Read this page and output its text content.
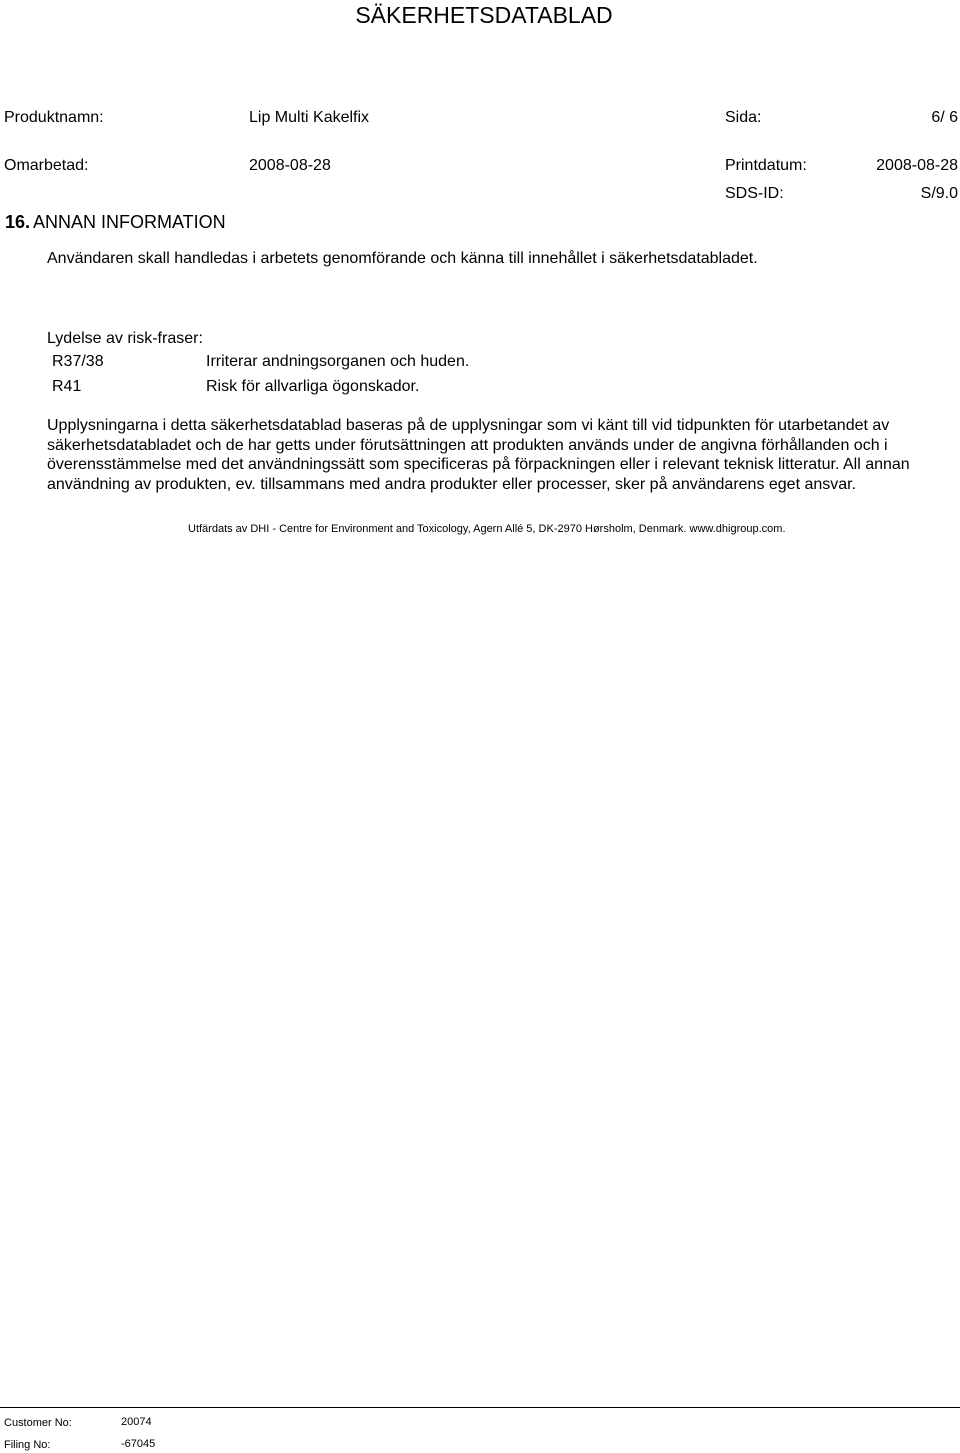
SÄKERHETSDATABLAD
Produktnamn:	Lip Multi Kakelfix	Sida:	6/ 6
Omarbetad:	2008-08-28	Printdatum:	2008-08-28
SDS-ID:	S/9.0
16. ANNAN INFORMATION
Användaren skall handledas i arbetets genomförande och känna till innehållet i säkerhetsdatabladet.
Lydelse av risk-fraser:
R37/38	Irriterar andningsorganen och huden.
R41	Risk för allvarliga ögonskador.
Upplysningarna i detta säkerhetsdatablad baseras på de upplysningar som vi känt till vid tidpunkten för utarbetandet av säkerhetsdatabladet och de har getts under förutsättningen att produkten används under de angivna förhållanden och i överensstämmelse med det användningssätt som specificeras på förpackningen eller i relevant teknisk litteratur. All annan användning av produkten, ev. tillsammans med andra produkter eller processer, sker på användarens eget ansvar.
Utfärdats av DHI - Centre for Environment and Toxicology, Agern Allé 5, DK-2970 Hørsholm, Denmark. www.dhigroup.com.
Customer No:	20074
Filing No:	-67045
